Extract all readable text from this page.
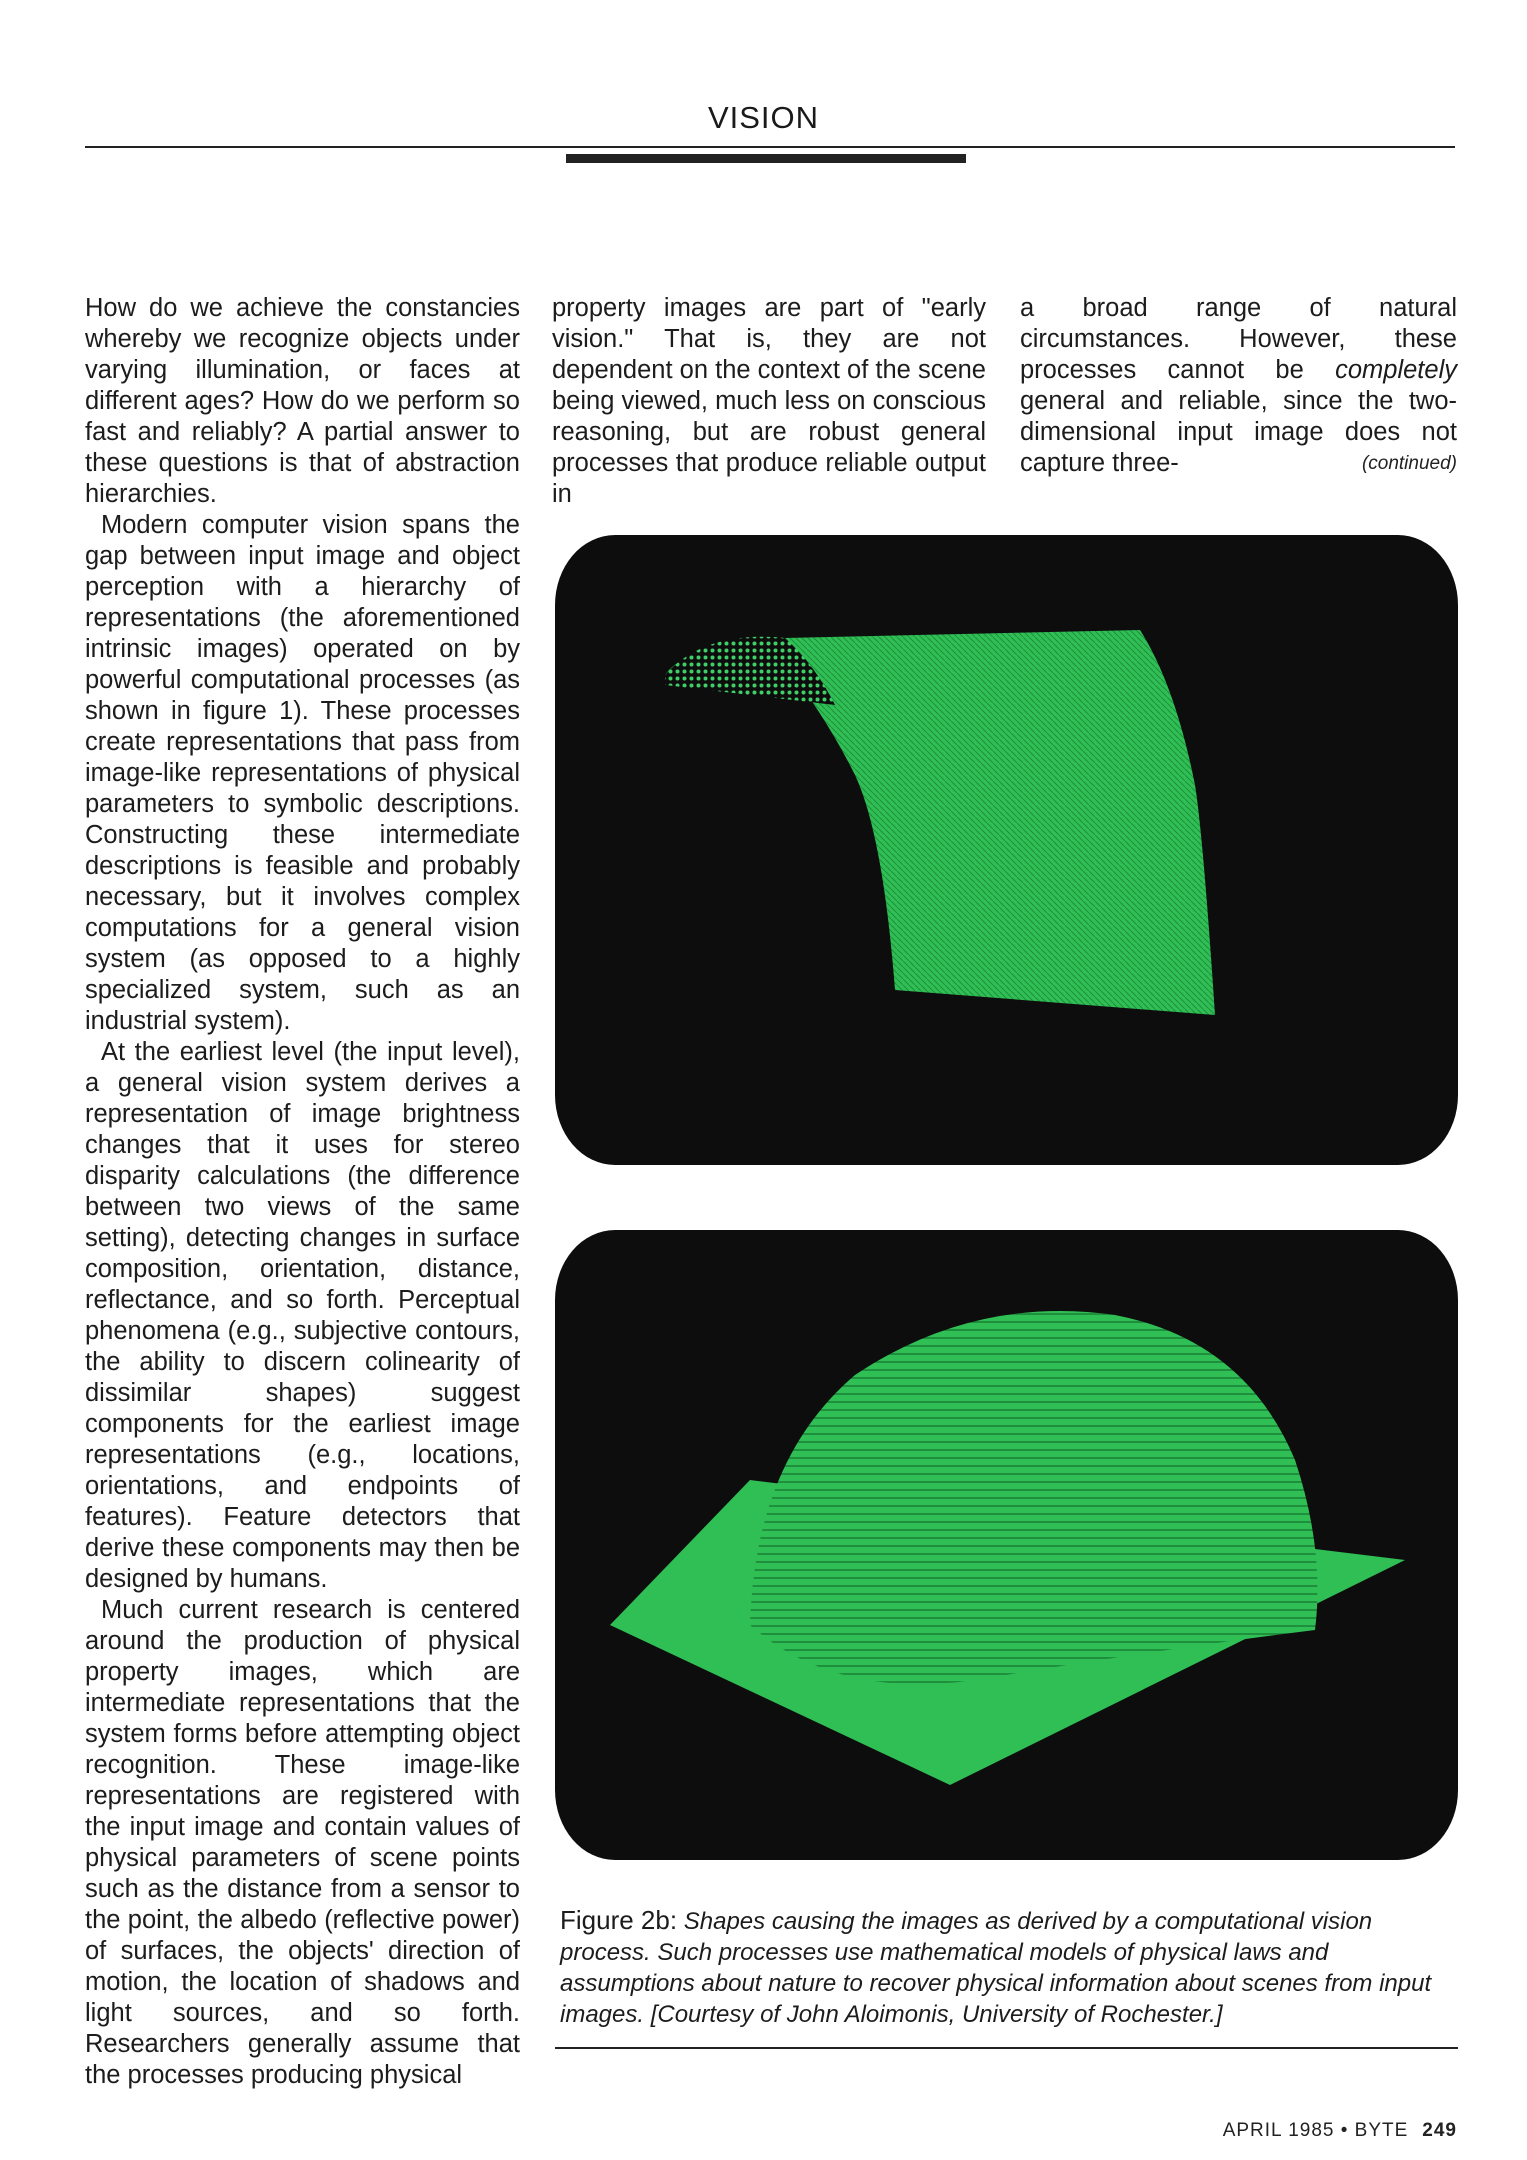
VISION

How do we achieve the constancies whereby we recognize objects under varying illumination, or faces at different ages? How do we perform so fast and reliably? A partial answer to these questions is that of abstraction hierarchies.

Modern computer vision spans the gap between input image and object perception with a hierarchy of representations (the aforementioned intrinsic images) operated on by powerful computational processes (as shown in figure 1). These processes create representations that pass from image-like representations of physical parameters to symbolic descriptions. Constructing these intermediate descriptions is feasible and probably necessary, but it involves complex computations for a general vision system (as opposed to a highly specialized system, such as an industrial system).

At the earliest level (the input level), a general vision system derives a representation of image brightness changes that it uses for stereo disparity calculations (the difference between two views of the same setting), detecting changes in surface composition, orientation, distance, reflectance, and so forth. Perceptual phenomena (e.g., subjective contours, the ability to discern colinearity of dissimilar shapes) suggest components for the earliest image representations (e.g., locations, orientations, and endpoints of features). Feature detectors that derive these components may then be designed by humans.

Much current research is centered around the production of physical property images, which are intermediate representations that the system forms before attempting object recognition. These image-like representations are registered with the input image and contain values of physical parameters of scene points such as the distance from a sensor to the point, the albedo (reflective power) of surfaces, the objects' direction of motion, the location of shadows and light sources, and so forth. Researchers generally assume that the processes producing physical

property images are part of "early vision." That is, they are not dependent on the context of the scene being viewed, much less on conscious reasoning, but are robust general processes that produce reliable output in

a broad range of natural circumstances. However, these processes cannot be completely general and reliable, since the two-dimensional input image does not capture three-	(continued)

Figure 2b: Shapes causing the images as derived by a computational vision process. Such processes use mathematical models of physical laws and assumptions about nature to recover physical information about scenes from input images. [Courtesy of John Aloimonis, University of Rochester.]

APRIL 1985 • BYTE 249
